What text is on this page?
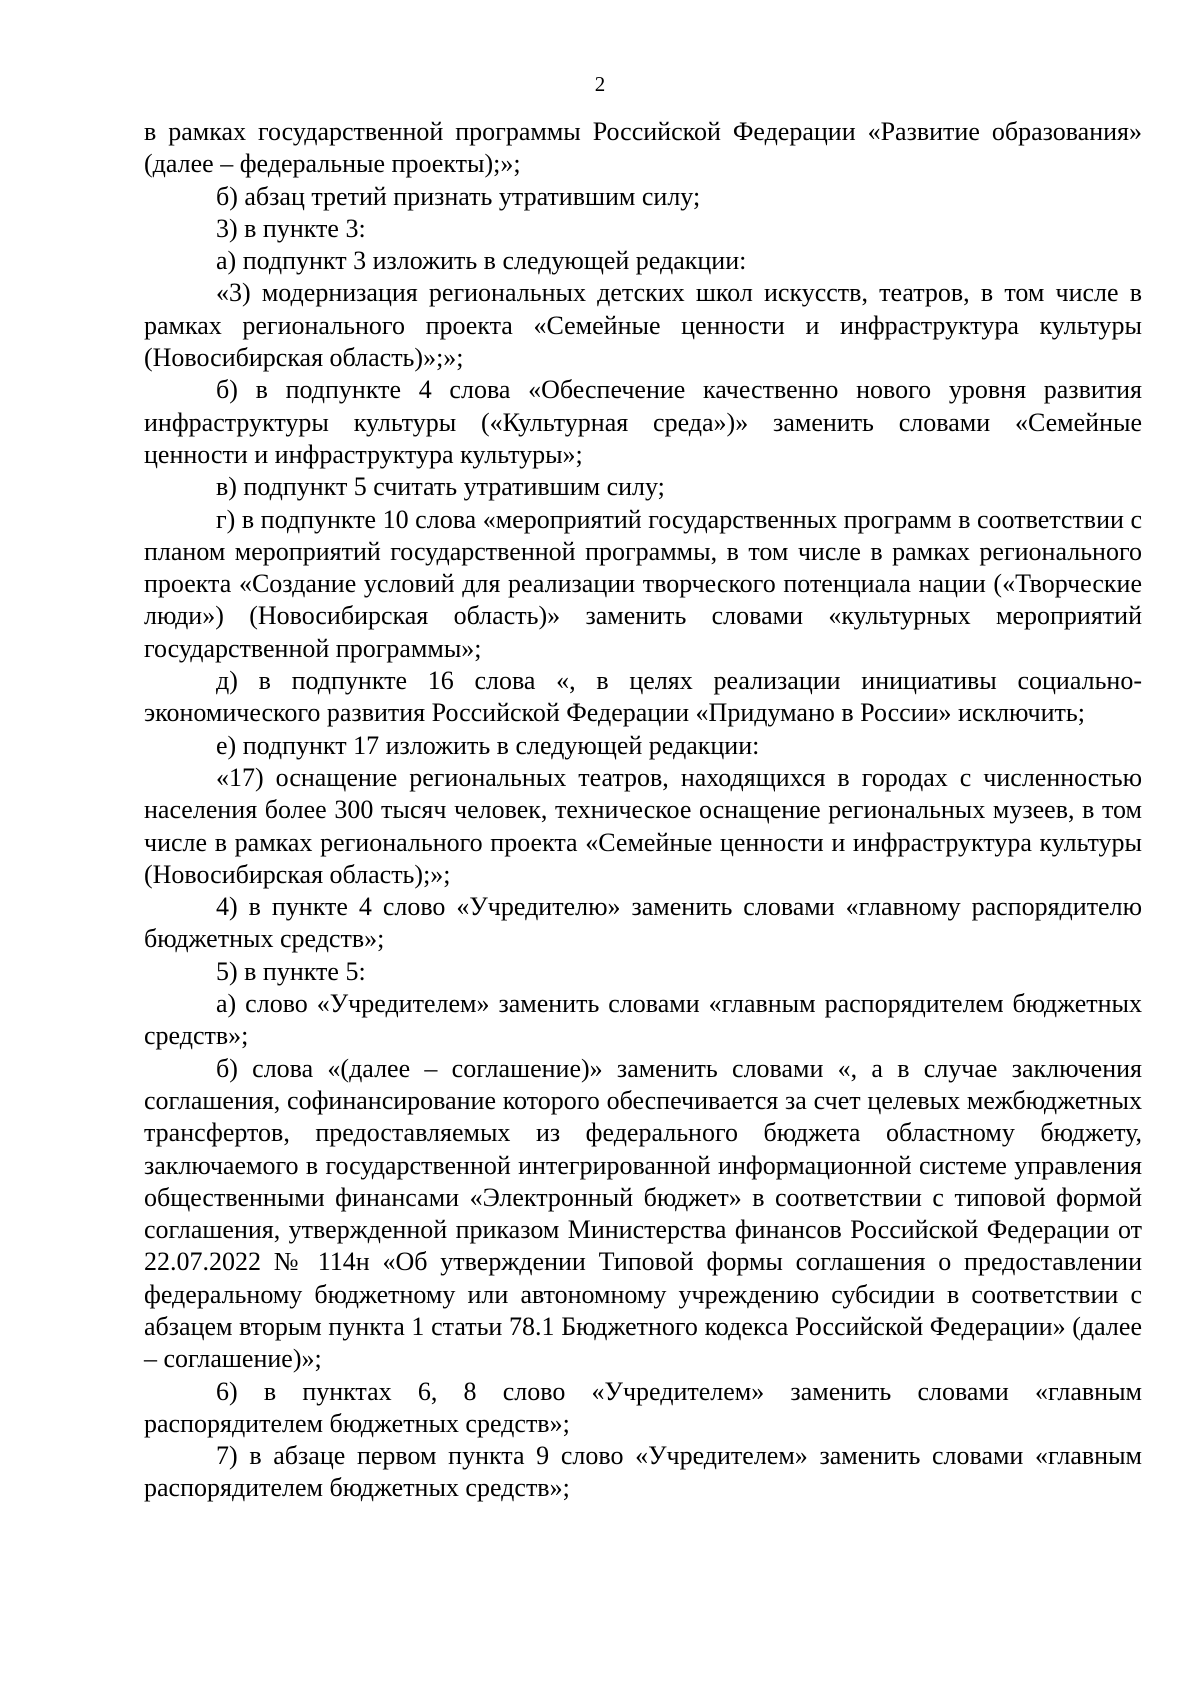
2

в рамках государственной программы Российской Федерации «Развитие образования» (далее – федеральные проекты);»;

б) абзац третий признать утратившим силу;

3) в пункте 3:

а) подпункт 3 изложить в следующей редакции:

«3) модернизация региональных детских школ искусств, театров, в том числе в рамках регионального проекта «Семейные ценности и инфраструктура культуры (Новосибирская область)»;»;

б) в подпункте 4 слова «Обеспечение качественно нового уровня развития инфраструктуры культуры («Культурная среда»)» заменить словами «Семейные ценности и инфраструктура культуры»;

в) подпункт 5 считать утратившим силу;

г) в подпункте 10 слова «мероприятий государственных программ в соответствии с планом мероприятий государственной программы, в том числе в рамках регионального проекта «Создание условий для реализации творческого потенциала нации («Творческие люди») (Новосибирская область)» заменить словами «культурных мероприятий государственной программы»;

д) в подпункте 16 слова «, в целях реализации инициативы социально-экономического развития Российской Федерации «Придумано в России» исключить;

е) подпункт 17 изложить в следующей редакции:

«17) оснащение региональных театров, находящихся в городах с численностью населения более 300 тысяч человек, техническое оснащение региональных музеев, в том числе в рамках регионального проекта «Семейные ценности и инфраструктура культуры (Новосибирская область);»;

4) в пункте 4 слово «Учредителю» заменить словами «главному распорядителю бюджетных средств»;

5) в пункте 5:

а) слово «Учредителем» заменить словами «главным распорядителем бюджетных средств»;

б) слова «(далее – соглашение)» заменить словами «, а в случае заключения соглашения, софинансирование которого обеспечивается за счет целевых межбюджетных трансфертов, предоставляемых из федерального бюджета областному бюджету, заключаемого в государственной интегрированной информационной системе управления общественными финансами «Электронный бюджет» в соответствии с типовой формой соглашения, утвержденной приказом Министерства финансов Российской Федерации от 22.07.2022 № 114н «Об утверждении Типовой формы соглашения о предоставлении федеральному бюджетному или автономному учреждению субсидии в соответствии с абзацем вторым пункта 1 статьи 78.1 Бюджетного кодекса Российской Федерации» (далее – соглашение)»;

6) в пунктах 6, 8 слово «Учредителем» заменить словами «главным распорядителем бюджетных средств»;

7) в абзаце первом пункта 9 слово «Учредителем» заменить словами «главным распорядителем бюджетных средств»;
